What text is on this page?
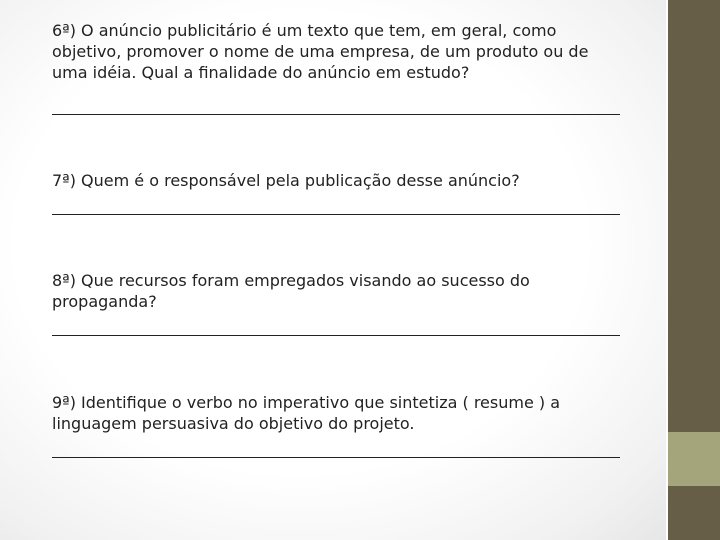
6ª) O anúncio publicitário é um texto que tem, em geral, como
objetivo, promover o nome de uma empresa, de um produto ou de
uma idéia. Qual a finalidade do anúncio em estudo?
7ª) Quem é o responsável pela publicação desse anúncio?
8ª) Que recursos foram empregados visando ao sucesso do
propaganda?
9ª) Identifique o verbo no imperativo que sintetiza ( resume ) a
linguagem persuasiva do objetivo do projeto.
